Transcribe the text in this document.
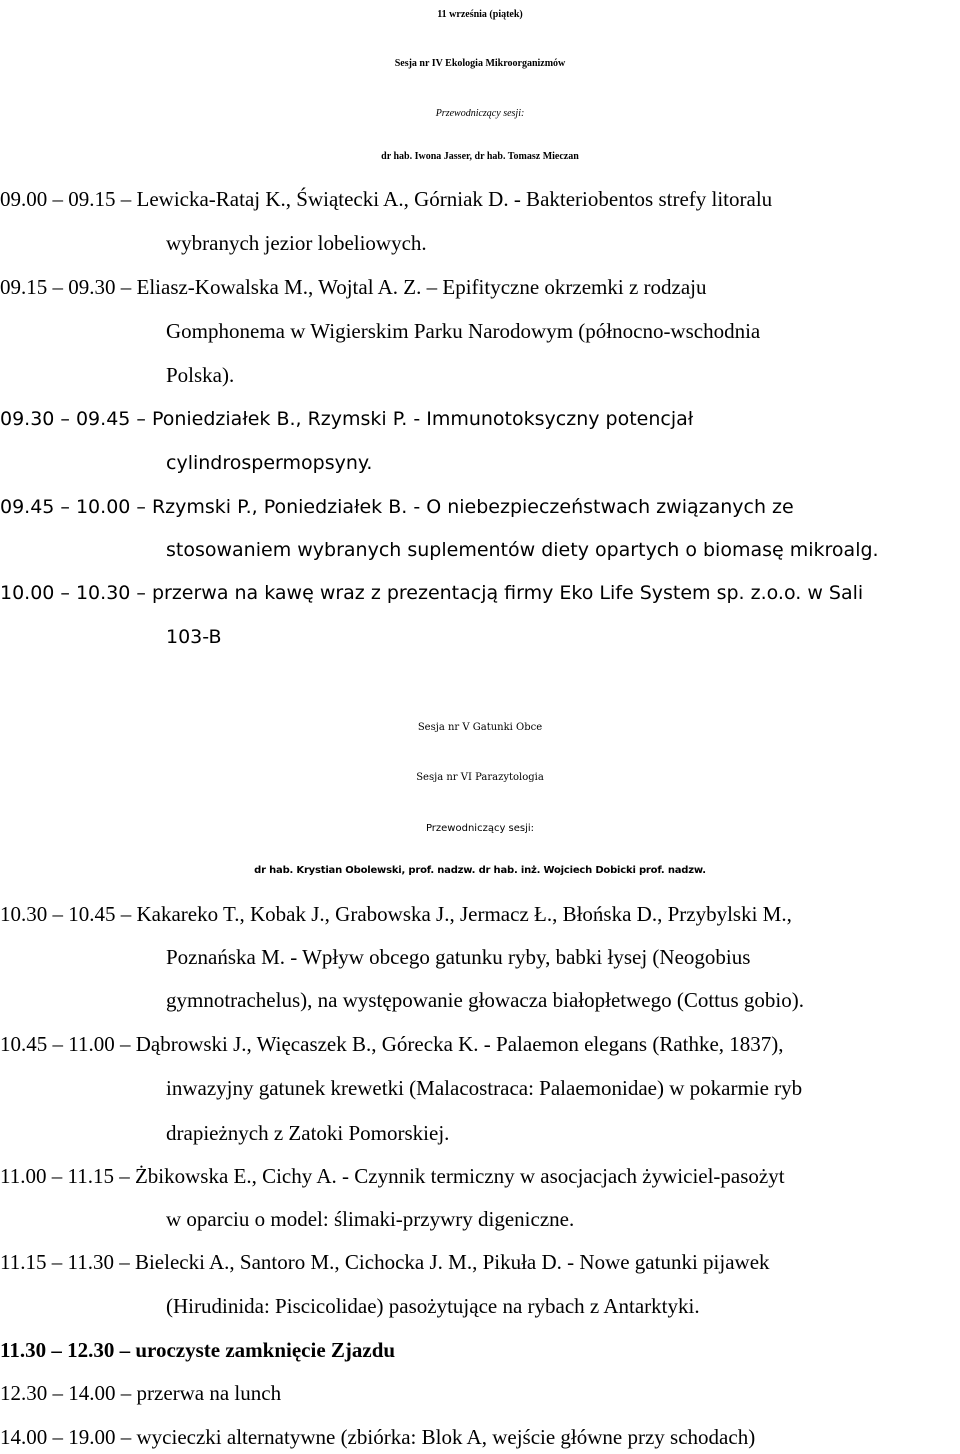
11 września (piątek)
Sesja nr IV Ekologia Mikroorganizmów
Przewodniczący sesji:
dr hab. Iwona Jasser, dr hab. Tomasz Mieczan
09.00 – 09.15 – Lewicka-Rataj K., Świątecki A., Górniak D. - Bakteriobentos strefy litoralu
wybranych jezior lobeliowych.
09.15 – 09.30 – Eliasz-Kowalska M., Wojtal A. Z. – Epifityczne okrzemki z rodzaju
Gomphonema w Wigierskim Parku Narodowym (północno-wschodnia
Polska).
09.30 – 09.45 – Poniedziałek B., Rzymski P. - Immunotoksyczny potencjał
cylindrospermopsyny.
09.45 – 10.00 – Rzymski P., Poniedziałek B. - O niebezpieczeństwach związanych ze
stosowaniem wybranych suplementów diety opartych o biomasę mikroalg.
10.00 – 10.30 – przerwa na kawę wraz z prezentacją firmy Eko Life System sp. z.o.o. w Sali
103-B
Sesja nr V Gatunki Obce
Sesja nr VI Parazytologia
Przewodniczący sesji:
dr hab. Krystian Obolewski, prof. nadzw. dr hab. inż. Wojciech Dobicki prof. nadzw.
10.30 – 10.45 – Kakareko T., Kobak J., Grabowska J., Jermacz Ł., Błońska D., Przybylski M.,
Poznańska M. - Wpływ obcego gatunku ryby, babki łysej (Neogobius
gymnotrachelus), na występowanie głowacza białopłetwego (Cottus gobio).
10.45 – 11.00 – Dąbrowski J., Więcaszek B., Górecka K. - Palaemon elegans (Rathke, 1837),
inwazyjny gatunek krewetki (Malacostraca: Palaemonidae) w pokarmie ryb
drapieżnych z Zatoki Pomorskiej.
11.00 – 11.15 – Żbikowska E., Cichy A. - Czynnik termiczny w asocjacjach żywiciel-pasożyt
w oparciu o model: ślimaki-przywry digeniczne.
11.15 – 11.30 – Bielecki A., Santoro M., Cichocka J. M., Pikuła D. - Nowe gatunki pijawek
(Hirudinida: Piscicolidae) pasożytujące na rybach z Antarktyki.
11.30 – 12.30 – uroczyste zamknięcie Zjazdu
12.30 – 14.00 – przerwa na lunch
14.00 – 19.00 – wycieczki alternatywne (zbiórka: Blok A, wejście główne przy schodach)
